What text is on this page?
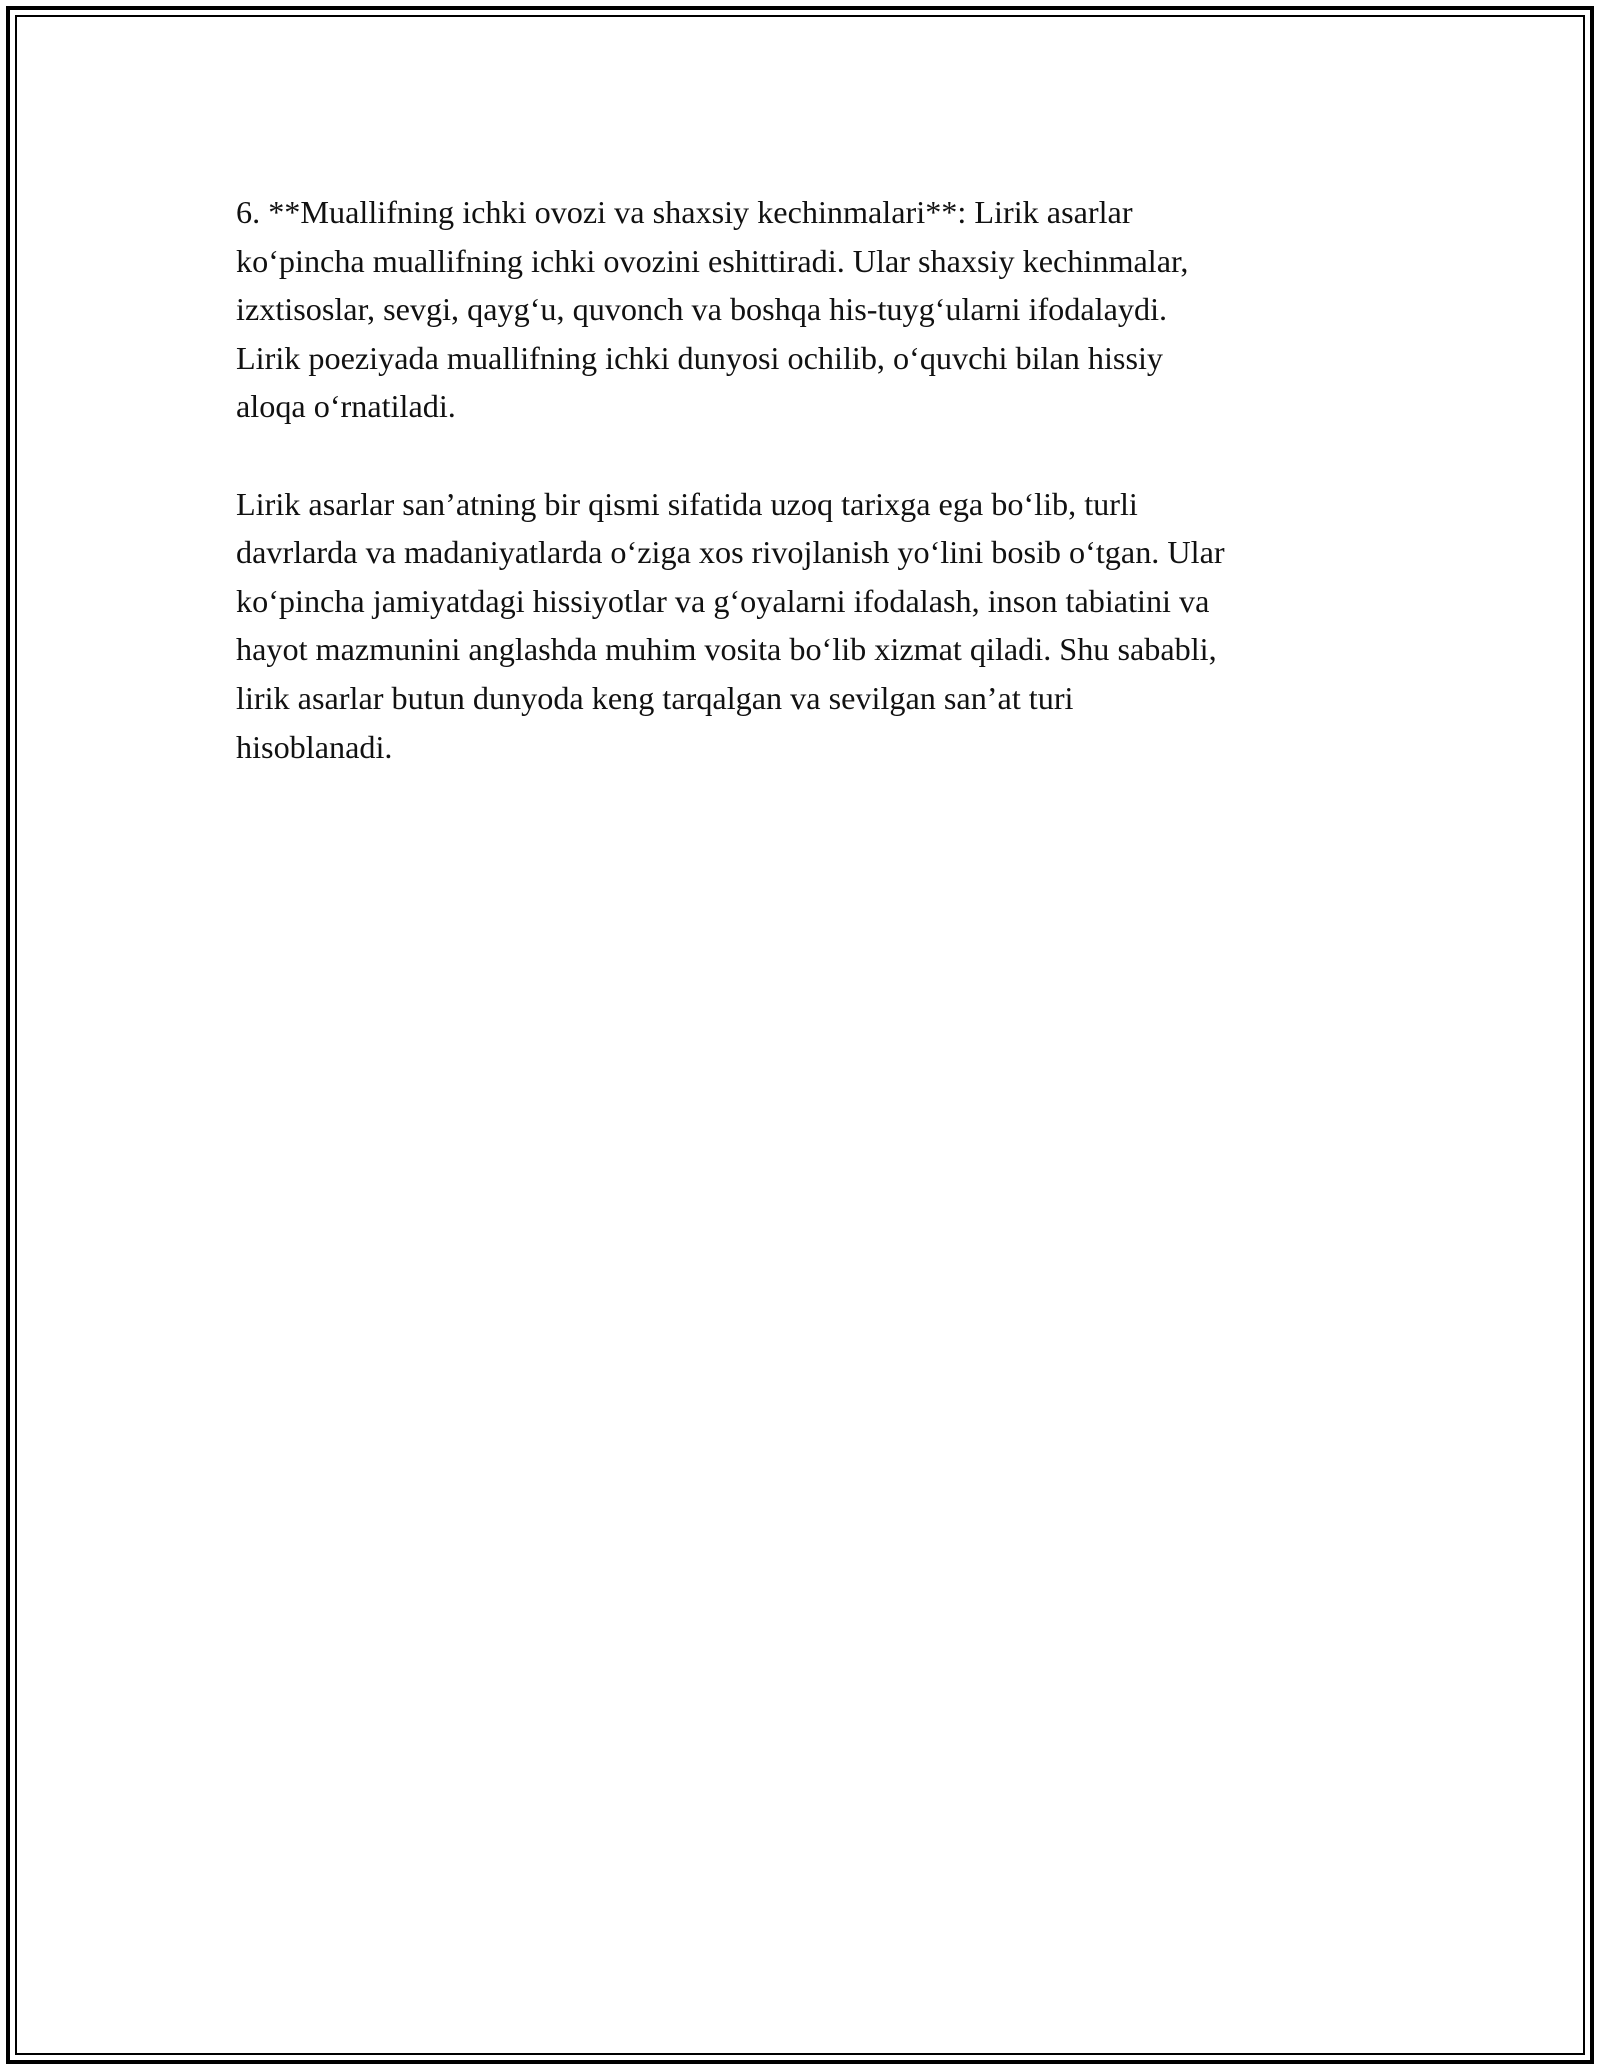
6. **Muallifning ichki ovozi va shaxsiy kechinmalari**: Lirik asarlar
ko‘pincha muallifning ichki ovozini eshittiradi. Ular shaxsiy kechinmalar,
izxtisoslar, sevgi, qayg‘u, quvonch va boshqa his-tuyg‘ularni ifodalaydi.
Lirik poeziyada muallifning ichki dunyosi ochilib, o‘quvchi bilan hissiy
aloqa o‘rnatiladi.

Lirik asarlar san’atning bir qismi sifatida uzoq tarixga ega bo‘lib, turli
davrlarda va madaniyatlarda o‘ziga xos rivojlanish yo‘lini bosib o‘tgan. Ular
ko‘pincha jamiyatdagi hissiyotlar va g‘oyalarni ifodalash, inson tabiatini va
hayot mazmunini anglashda muhim vosita bo‘lib xizmat qiladi. Shu sababli,
lirik asarlar butun dunyoda keng tarqalgan va sevilgan san’at turi
hisoblanadi.
